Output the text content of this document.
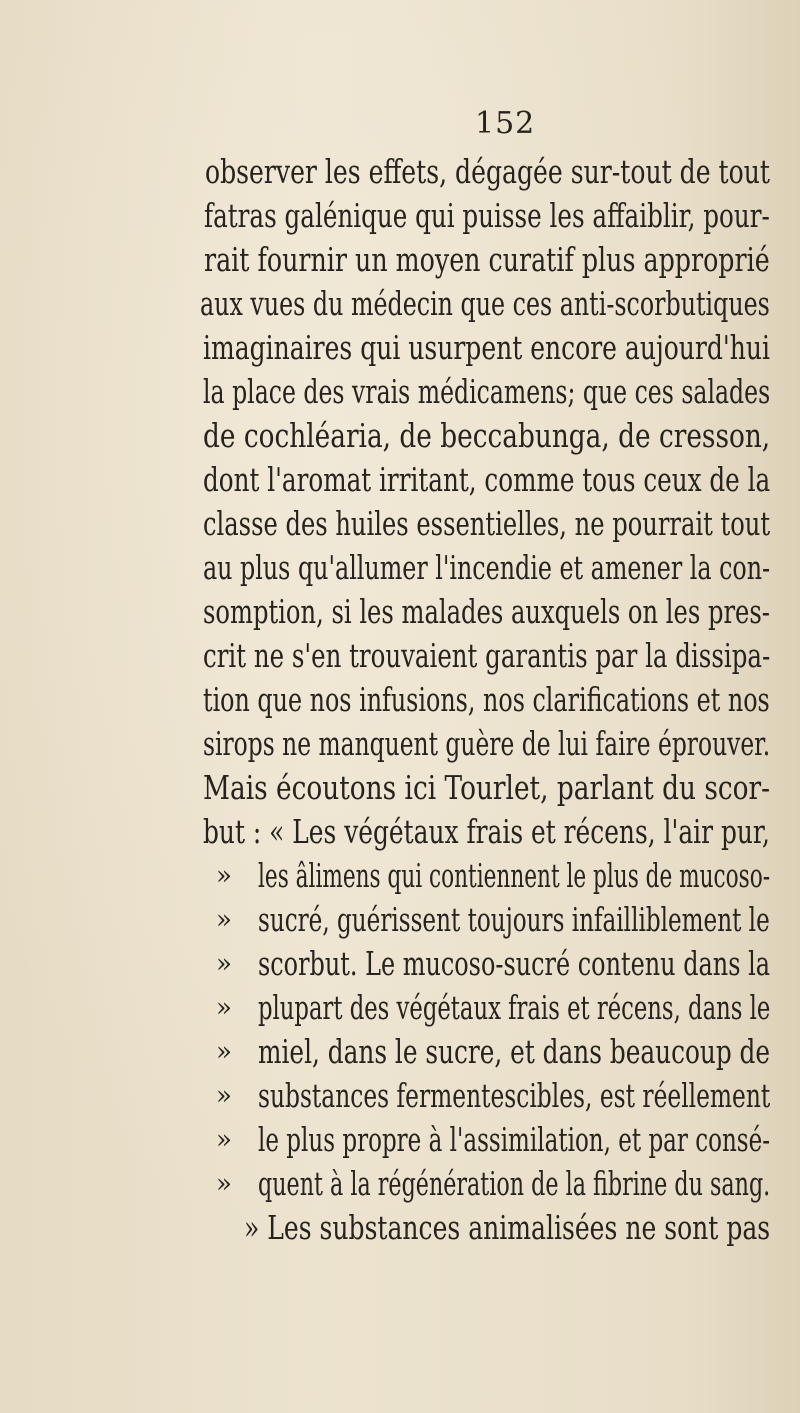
152
observer les effets, dégagée sur-tout de tout
fatras galénique qui puisse les affaiblir, pour-
rait fournir un moyen curatif plus approprié
aux vues du médecin que ces anti-scorbutiques
imaginaires qui usurpent encore aujourd'hui
la place des vrais médicamens; que ces salades
de cochléaria, de beccabunga, de cresson,
dont l'aromat irritant, comme tous ceux de la
classe des huiles essentielles, ne pourrait tout
au plus qu'allumer l'incendie et amener la con-
somption, si les malades auxquels on les pres-
crit ne s'en trouvaient garantis par la dissipa-
tion que nos infusions, nos clarifications et nos
sirops ne manquent guère de lui faire éprouver.
Mais écoutons ici Tourlet, parlant du scor-
but : « Les végétaux frais et récens, l'air pur,
» les âlimens qui contiennent le plus de mucoso-
» sucré, guérissent toujours infailliblement le
» scorbut. Le mucoso-sucré contenu dans la
» plupart des végétaux frais et récens, dans le
» miel, dans le sucre, et dans beaucoup de
» substances fermentescibles, est réellement
» le plus propre à l'assimilation, et par consé-
» quent à la régénération de la fibrine du sang.
» Les substances animalisées ne sont pas
